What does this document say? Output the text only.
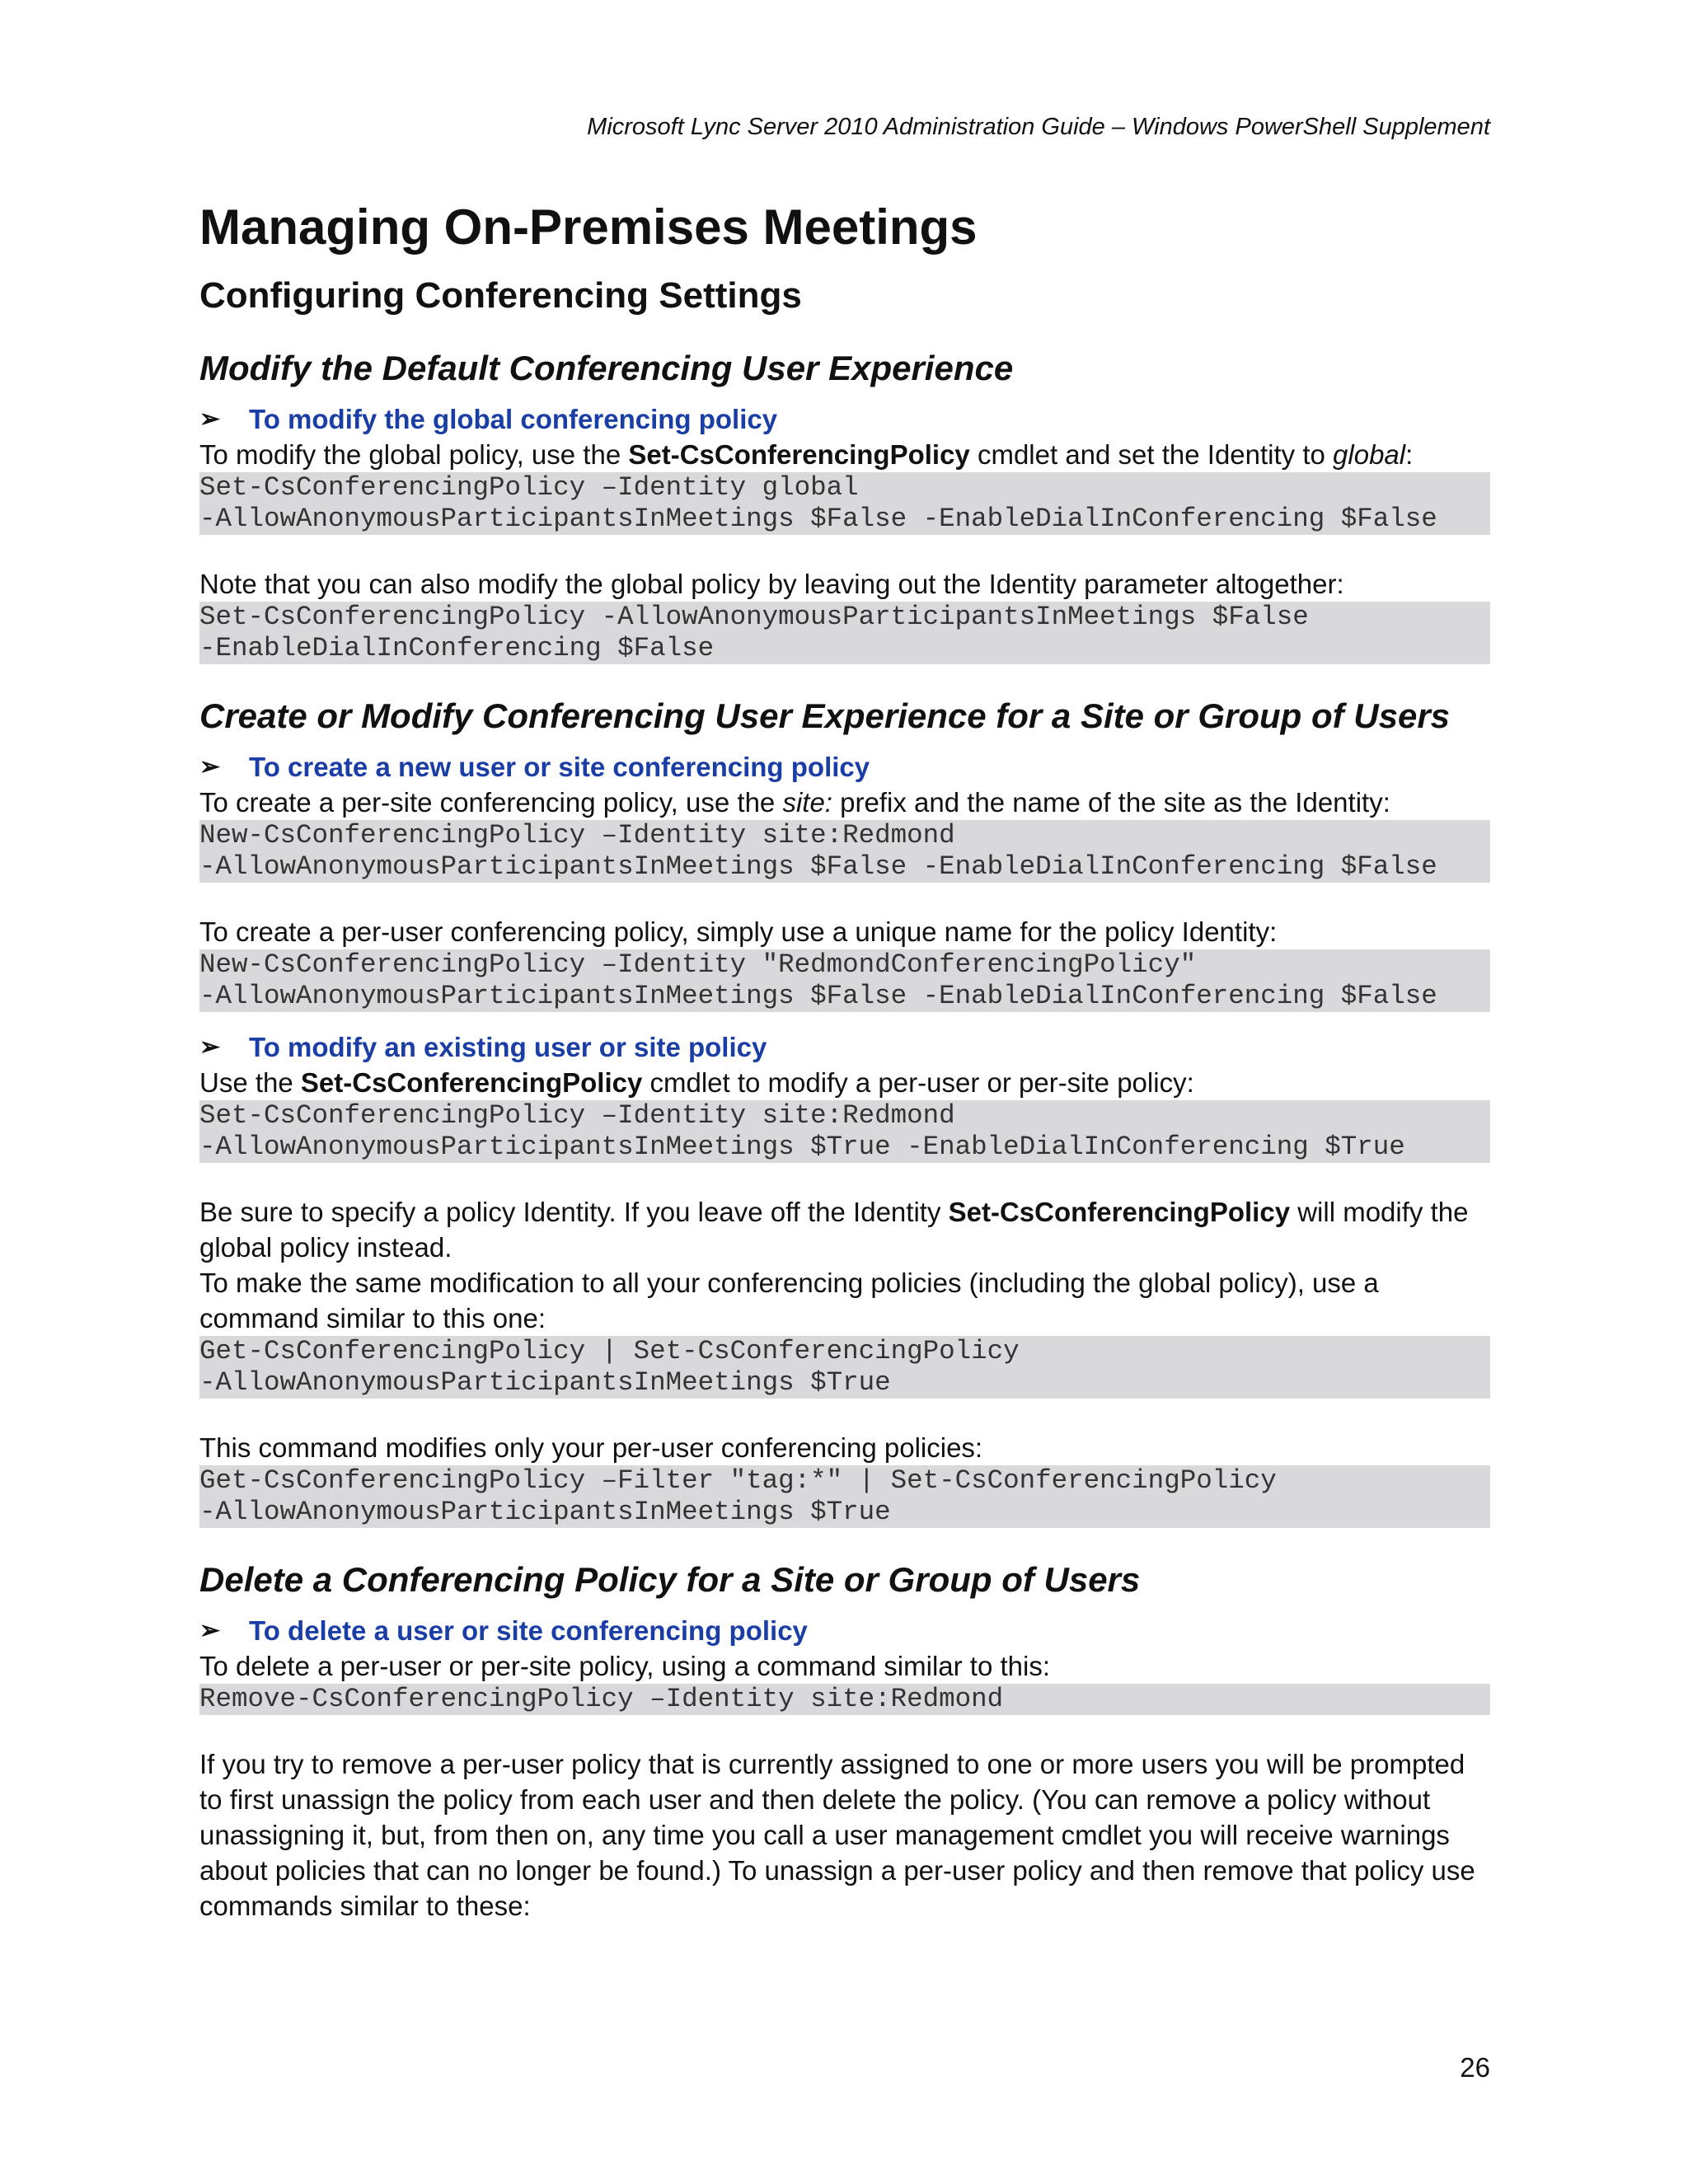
Microsoft Lync Server 2010 Administration Guide – Windows PowerShell Supplement
Managing On-Premises Meetings
Configuring Conferencing Settings
Modify the Default Conferencing User Experience
➢	To modify the global conferencing policy

To modify the global policy, use the Set-CsConferencingPolicy cmdlet and set the Identity to global:

Set-CsConferencingPolicy –Identity global
-AllowAnonymousParticipantsInMeetings $False -EnableDialInConferencing $False

Note that you can also modify the global policy by leaving out the Identity parameter altogether:

Set-CsConferencingPolicy -AllowAnonymousParticipantsInMeetings $False
-EnableDialInConferencing $False
Create or Modify Conferencing User Experience for a Site or Group of Users
➢	To create a new user or site conferencing policy

To create a per-site conferencing policy, use the site: prefix and the name of the site as the Identity:

New-CsConferencingPolicy –Identity site:Redmond
-AllowAnonymousParticipantsInMeetings $False -EnableDialInConferencing $False

To create a per-user conferencing policy, simply use a unique name for the policy Identity:

New-CsConferencingPolicy –Identity "RedmondConferencingPolicy"
-AllowAnonymousParticipantsInMeetings $False -EnableDialInConferencing $False
➢	To modify an existing user or site policy

Use the Set-CsConferencingPolicy cmdlet to modify a per-user or per-site policy:

Set-CsConferencingPolicy –Identity site:Redmond
-AllowAnonymousParticipantsInMeetings $True -EnableDialInConferencing $True

Be sure to specify a policy Identity. If you leave off the Identity Set-CsConferencingPolicy will modify the global policy instead.

To make the same modification to all your conferencing policies (including the global policy), use a command similar to this one:

Get-CsConferencingPolicy | Set-CsConferencingPolicy
-AllowAnonymousParticipantsInMeetings $True

This command modifies only your per-user conferencing policies:

Get-CsConferencingPolicy –Filter "tag:*" | Set-CsConferencingPolicy
-AllowAnonymousParticipantsInMeetings $True
Delete a Conferencing Policy for a Site or Group of Users
➢	To delete a user or site conferencing policy

To delete a per-user or per-site policy, using a command similar to this:

Remove-CsConferencingPolicy –Identity site:Redmond

If you try to remove a per-user policy that is currently assigned to one or more users you will be prompted to first unassign the policy from each user and then delete the policy. (You can remove a policy without unassigning it, but, from then on, any time you call a user management cmdlet you will receive warnings about policies that can no longer be found.) To unassign a per-user policy and then remove that policy use commands similar to these:

26
